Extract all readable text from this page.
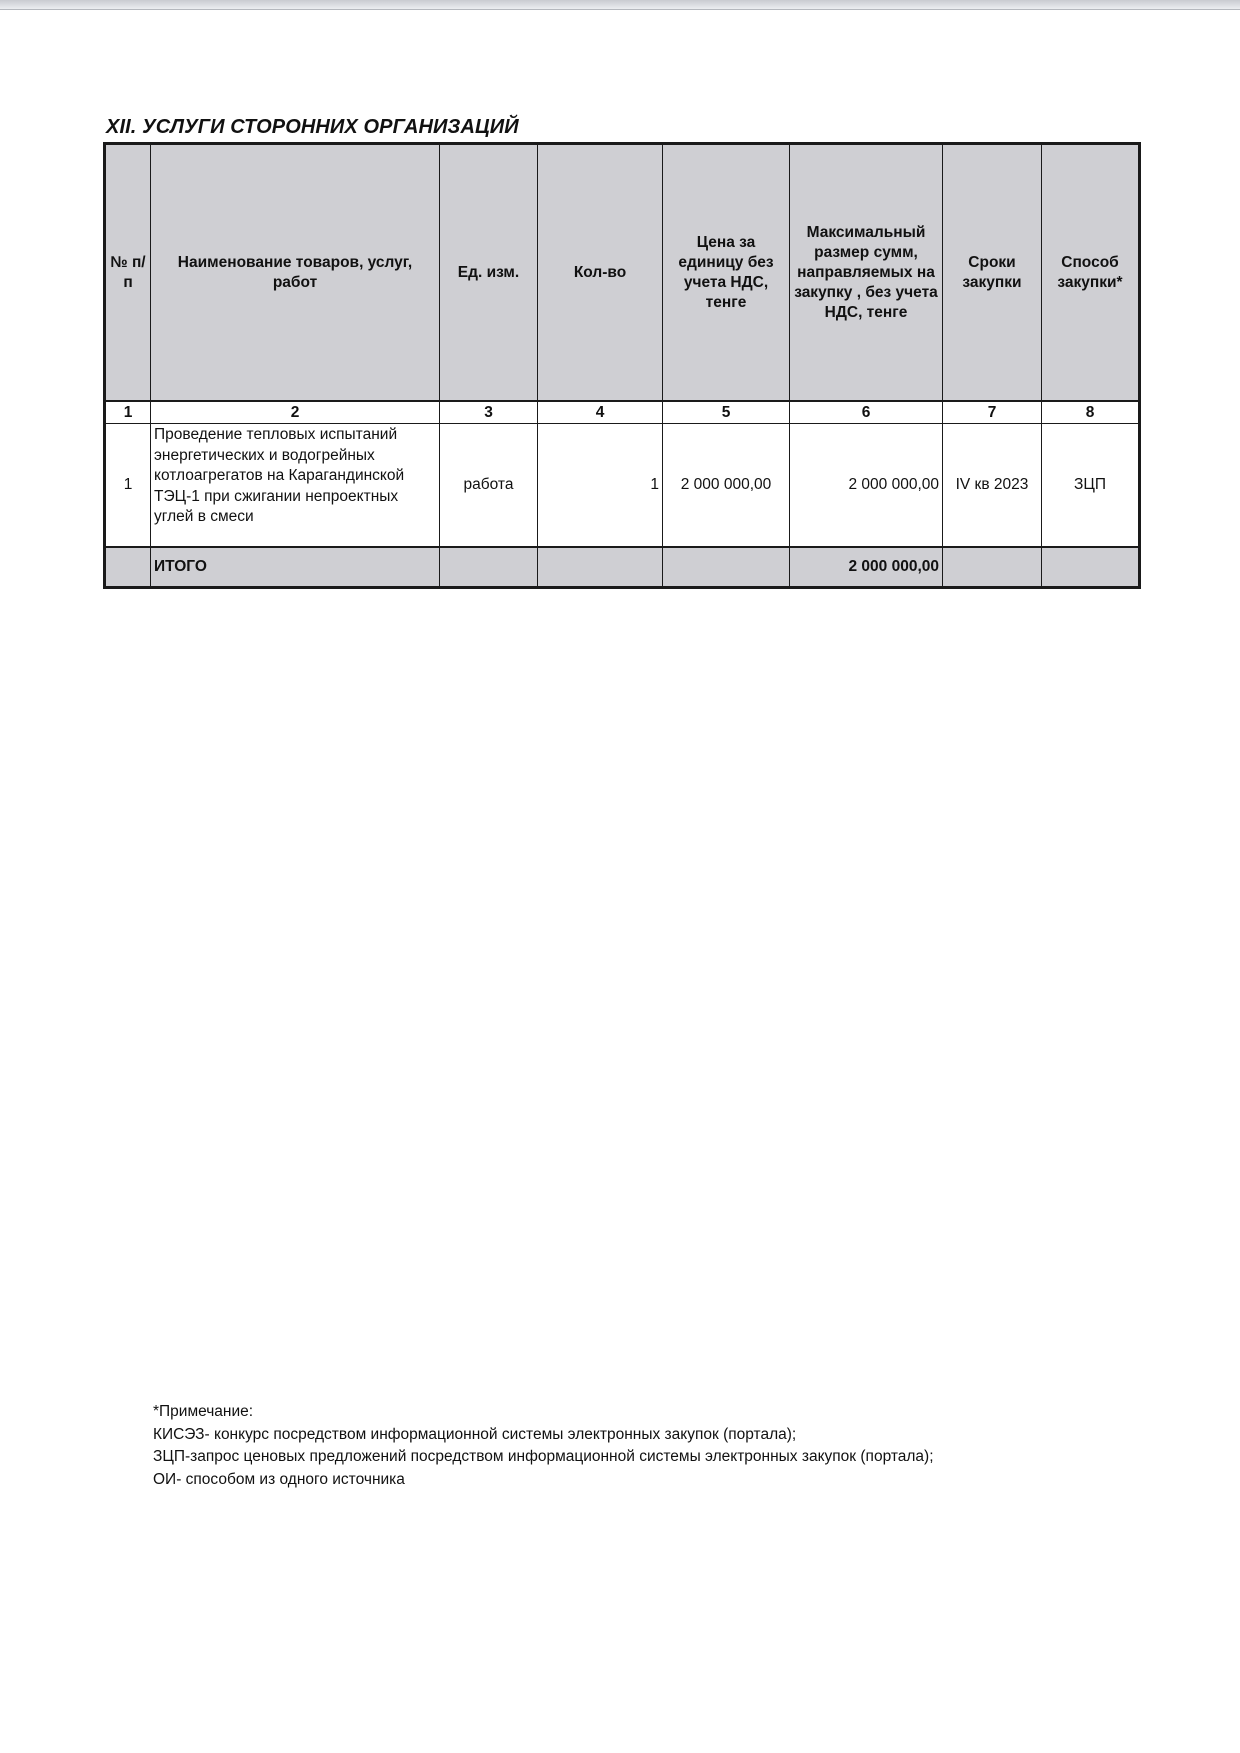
XII. УСЛУГИ СТОРОННИХ ОРГАНИЗАЦИЙ
№ п/п	Наименование товаров, услуг, работ	Ед. изм.	Кол-во	Цена за единицу без учета НДС, тенге	Максимальный размер сумм, направляемых на закупку , без учета НДС, тенге	Сроки закупки	Способ закупки*
1	2	3	4	5	6	7	8
1	Проведение тепловых испытаний энергетических и водогрейных котлоагрегатов на Карагандинской ТЭЦ-1 при сжигании непроектных углей в смеси	работа	1	2 000 000,00	2 000 000,00	IV кв 2023	ЗЦП
	ИТОГО				2 000 000,00		
*Примечание:
КИСЭЗ- конкурс посредством информационной системы электронных закупок (портала);
ЗЦП-запрос ценовых предложений посредством информационной системы электронных закупок (портала);
ОИ- способом из одного источника
